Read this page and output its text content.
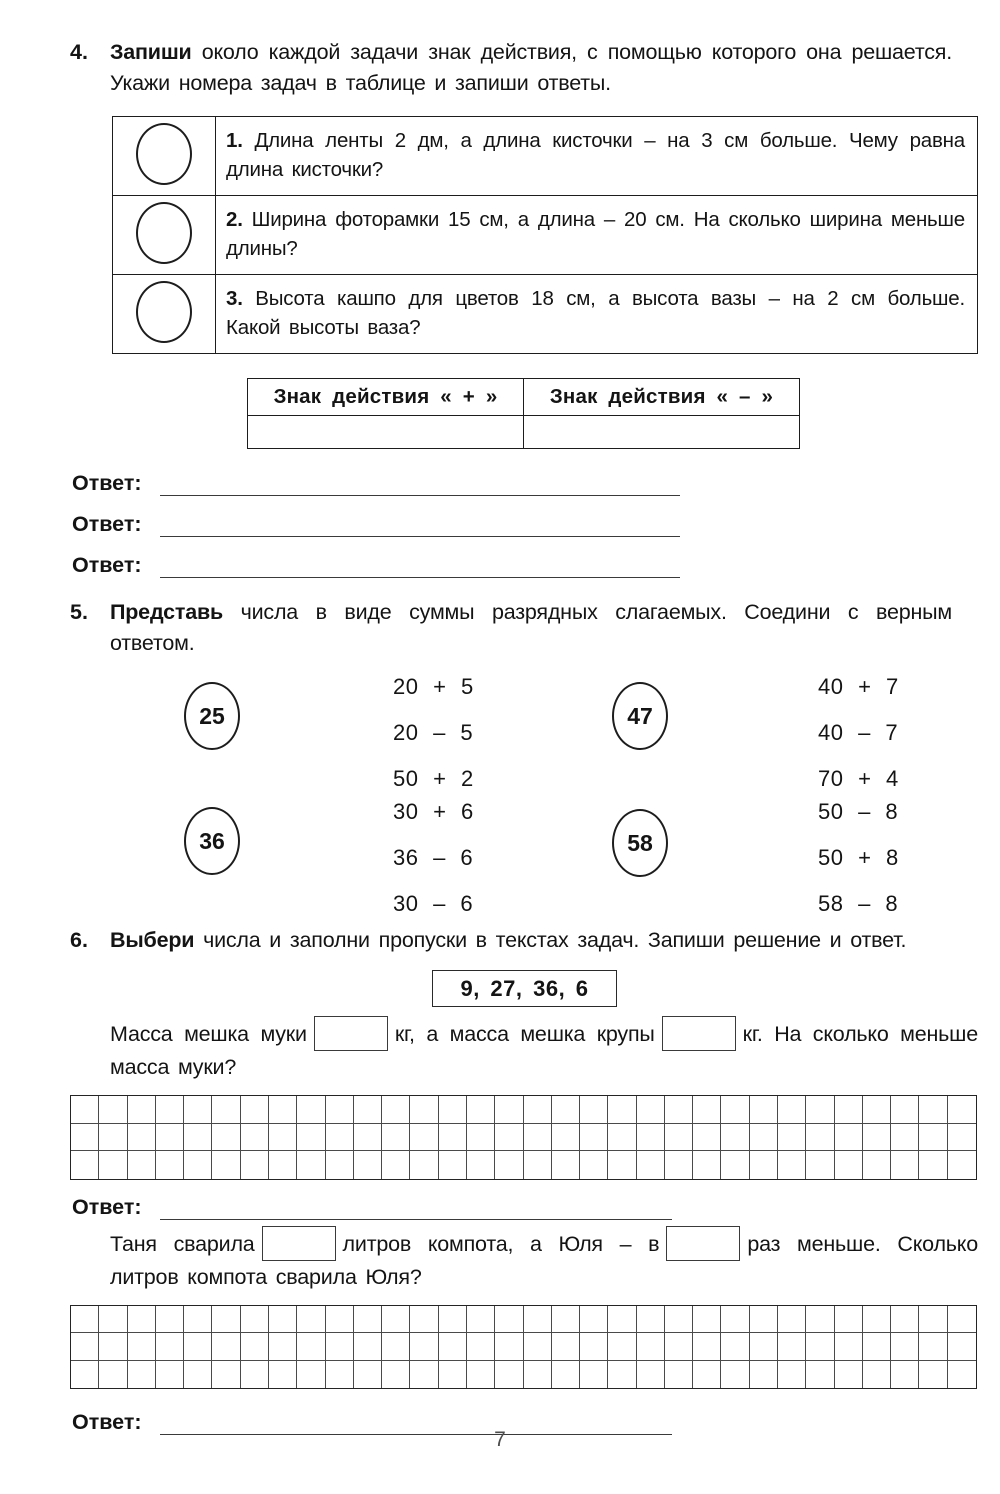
4.	Запиши около каждой задачи знак действия, с помощью которого она решается. Укажи номера задач в таблице и запиши ответы.

	1. Длина ленты 2 дм, а длина кисточки – на 3 см больше. Чему равна длина кисточки?
	2. Ширина фоторамки 15 см, а длина – 20 см. На сколько ширина меньше длины?
	3. Высота кашпо для цветов 18 см, а высота вазы – на 2 см больше. Какой высоты ваза?
Знак действия « + »	Знак действия « – »

Ответ:
Ответ:
Ответ:
5.	Представь числа в виде суммы разрядных слагаемых. Соедини с верным ответом.

25
20 + 5
20 – 5
50 + 2
47
40 + 7
40 – 7
70 + 4
36
30 + 6
36 – 6
30 – 6
58
50 – 8
50 + 8
58 – 8
6.	Выбери числа и заполни пропуски в текстах задач. Запиши решение и ответ.

9, 27, 36, 6

Масса мешка муки	кг, а масса мешка крупы	кг. На сколько меньше масса муки?

Ответ:

Таня сварила	литров компота, а Юля – в	раз меньше. Сколько литров компота сварила Юля?

Ответ:
7
